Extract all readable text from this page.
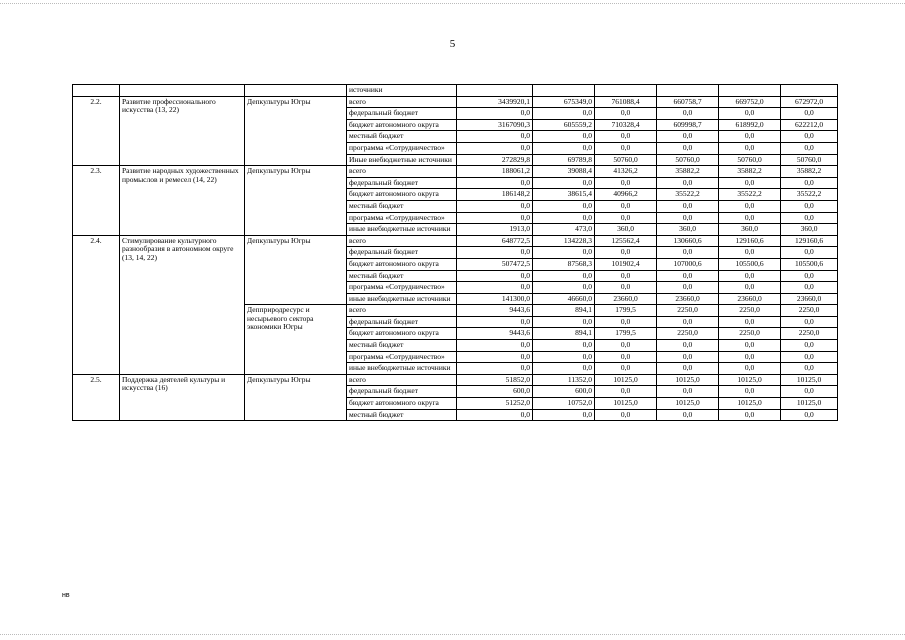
5
			источники						
2.2.	Развитие профессионального искусства (13, 22)	Депкультуры Югры	всего	3439920,1	675349,0	761088,4	660758,7	669752,0	672972,0
			федеральный бюджет	0,0	0,0	0,0	0,0	0,0	0,0
			бюджет автономного округа	3167090,3	605559,2	710328,4	609998,7	618992,0	622212,0
			местный бюджет	0,0	0,0	0,0	0,0	0,0	0,0
			программа «Сотрудничество»	0,0	0,0	0,0	0,0	0,0	0,0
			Иные внебюджетные источники	272829,8	69789,8	50760,0	50760,0	50760,0	50760,0
2.3.	Развитие народных художественных промыслов и ремесел (14, 22)	Депкультуры Югры	всего	188061,2	39088,4	41326,2	35882,2	35882,2	35882,2
			федеральный бюджет	0,0	0,0	0,0	0,0	0,0	0,0
			бюджет автономного округа	186148,2	38615,4	40966,2	35522,2	35522,2	35522,2
			местный бюджет	0,0	0,0	0,0	0,0	0,0	0,0
			программа «Сотрудничество»	0,0	0,0	0,0	0,0	0,0	0,0
			иные внебюджетные источники	1913,0	473,0	360,0	360,0	360,0	360,0
2.4.	Стимулирование культурного разнообразия в автономном округе (13, 14, 22)	Депкультуры Югры	всего	648772,5	134228,3	125562,4	130660,6	129160,6	129160,6
			федеральный бюджет	0,0	0,0	0,0	0,0	0,0	0,0
			бюджет автономного округа	507472,5	87568,3	101902,4	107000,6	105500,6	105500,6
			местный бюджет	0,0	0,0	0,0	0,0	0,0	0,0
			программа «Сотрудничество»	0,0	0,0	0,0	0,0	0,0	0,0
			иные внебюджетные источники	141300,0	46660,0	23660,0	23660,0	23660,0	23660,0
		Депприродресурс и несырьевого сектора экономики Югры	всего	9443,6	894,1	1799,5	2250,0	2250,0	2250,0
			федеральный бюджет	0,0	0,0	0,0	0,0	0,0	0,0
			бюджет автономного округа	9443,6	894,1	1799,5	2250,0	2250,0	2250,0
			местный бюджет	0,0	0,0	0,0	0,0	0,0	0,0
			программа «Сотрудничество»	0,0	0,0	0,0	0,0	0,0	0,0
			иные внебюджетные источники	0,0	0,0	0,0	0,0	0,0	0,0
2.5.	Поддержка деятелей культуры и искусства (16)	Депкультуры Югры	всего	51852,0	11352,0	10125,0	10125,0	10125,0	10125,0
			федеральный бюджет	600,0	600,0	0,0	0,0	0,0	0,0
			бюджет автономного округа	51252,0	10752,0	10125,0	10125,0	10125,0	10125,0
			местный бюджет	0,0	0,0	0,0	0,0	0,0	0,0
нв
